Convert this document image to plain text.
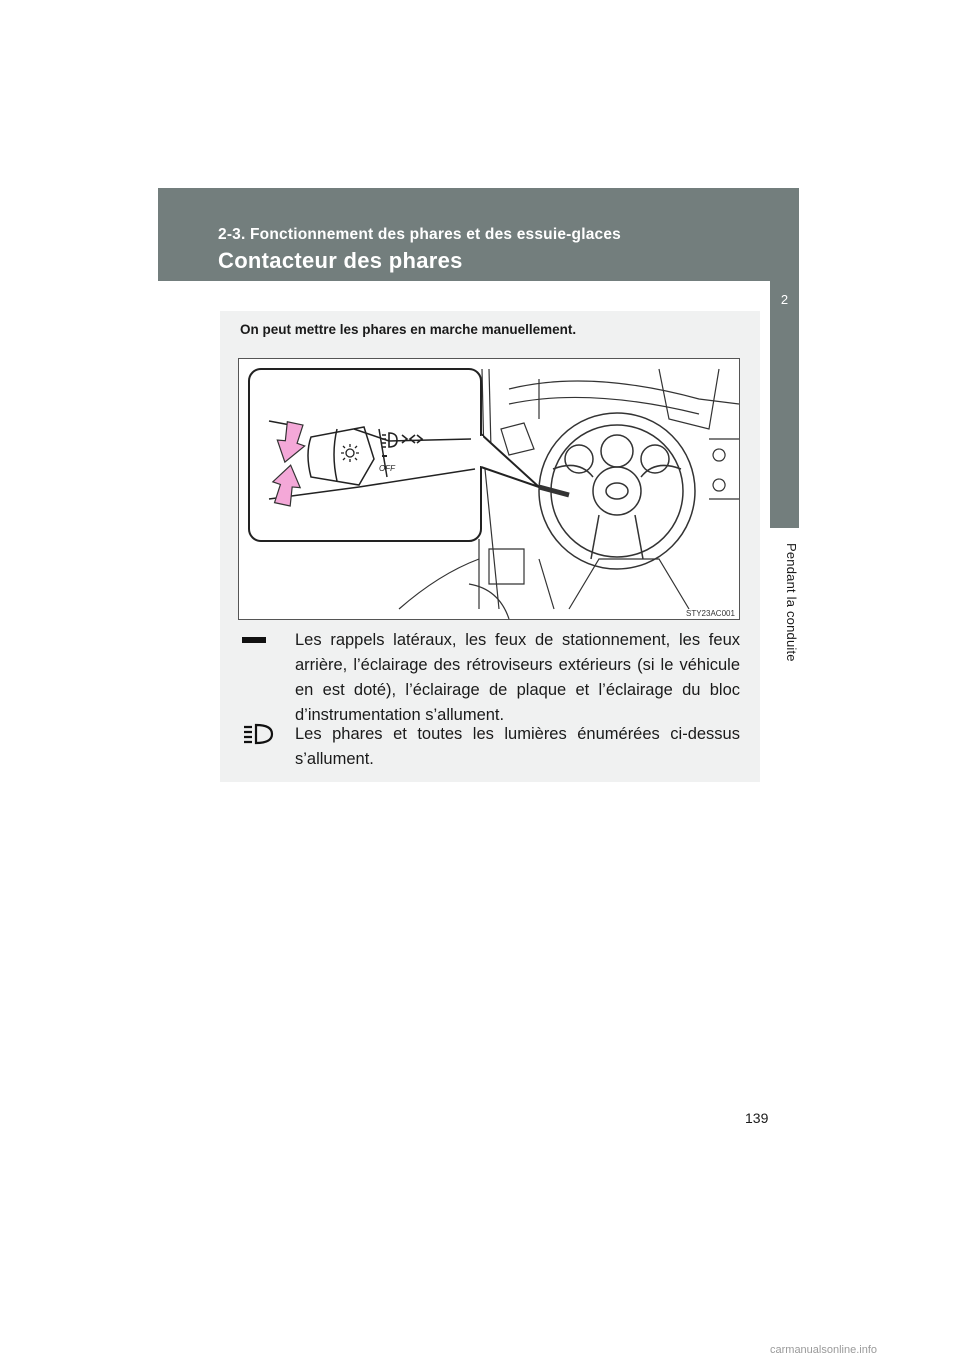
2-3. Fonctionnement des phares et des essuie-glaces
Contacteur des phares
2
Pendant la conduite
On peut mettre les phares en marche manuellement.
OFF
STY23AC001
Les rappels latéraux, les feux de stationnement, les feux arrière, l’éclairage des rétroviseurs extérieurs (si le véhicule en est doté), l’éclairage de plaque et l’éclairage du bloc d’instrumentation s’allument.
Les phares et toutes les lumières énumérées ci-dessus s’allument.
139
carmanualsonline.info
